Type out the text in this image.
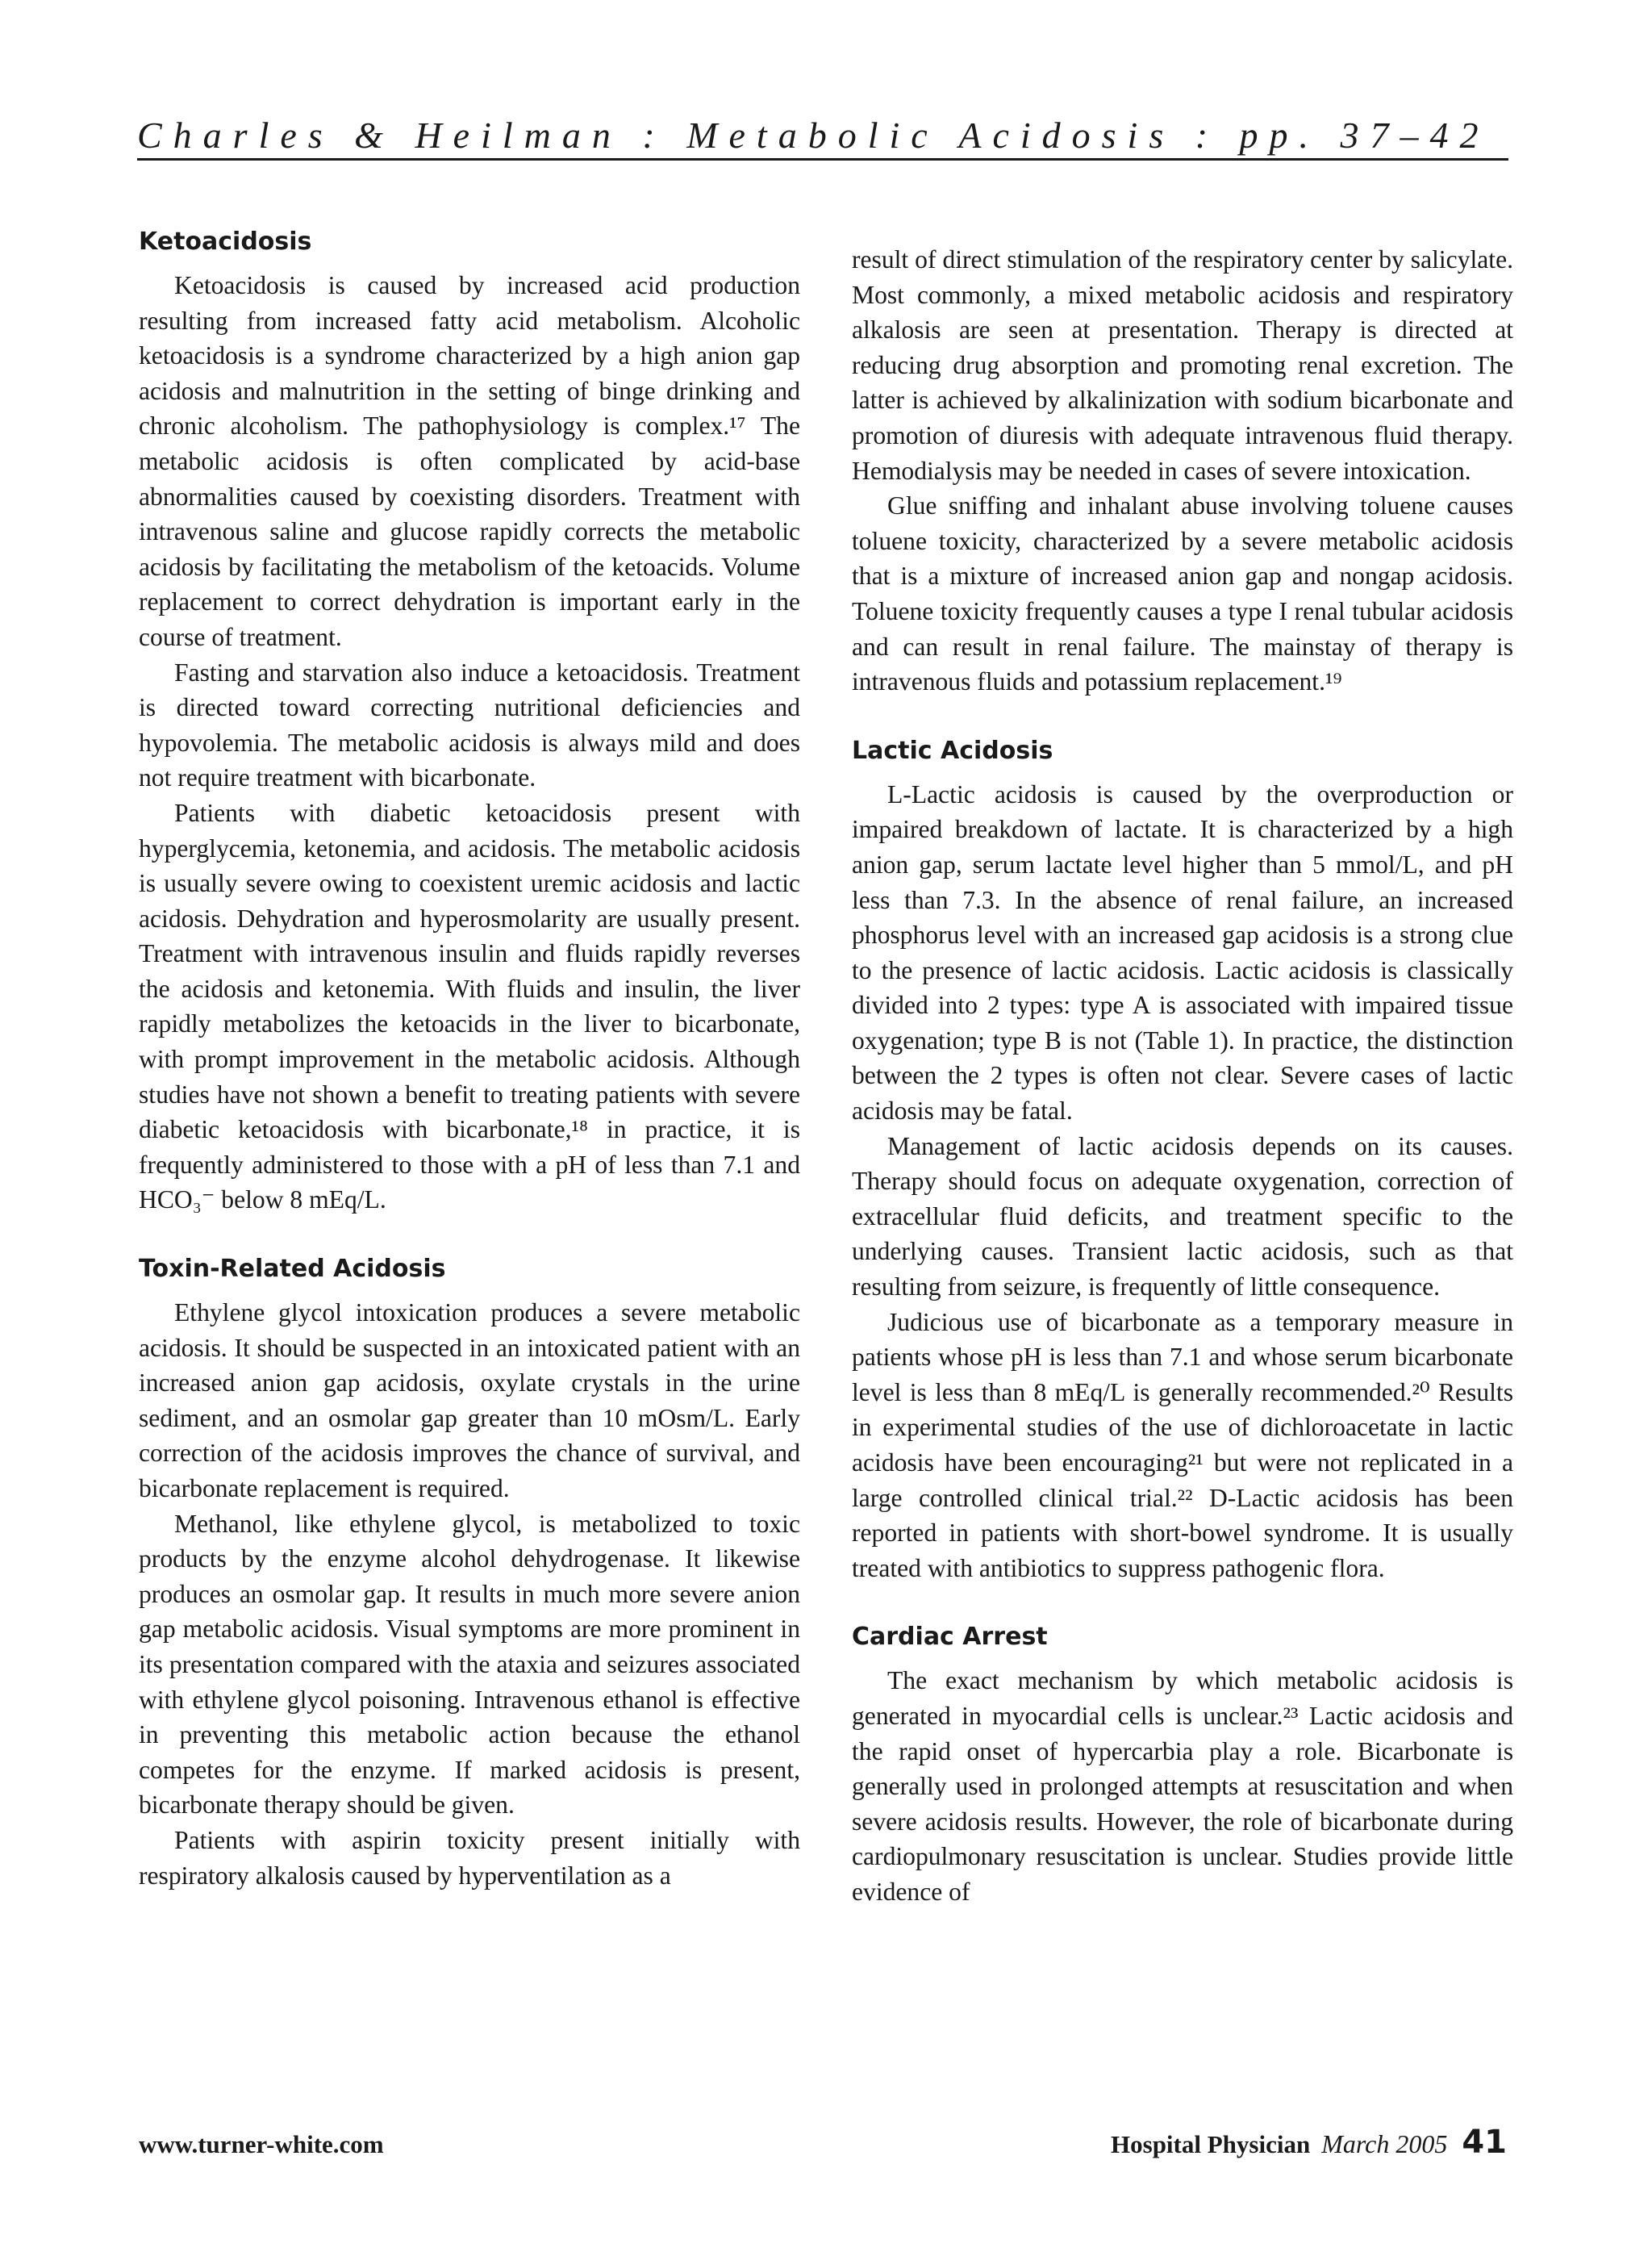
Charles & Heilman : Metabolic Acidosis : pp. 37–42
Ketoacidosis

Ketoacidosis is caused by increased acid production resulting from increased fatty acid metabolism. Alcoholic ketoacidosis is a syndrome characterized by a high anion gap acidosis and malnutrition in the setting of binge drinking and chronic alcoholism. The pathophysiology is complex.¹⁷ The metabolic acidosis is often complicated by acid-base abnormalities caused by coexisting disorders. Treatment with intravenous saline and glucose rapidly corrects the metabolic acidosis by facilitating the metabolism of the ketoacids. Volume replacement to correct dehydration is important early in the course of treatment.

Fasting and starvation also induce a ketoacidosis. Treatment is directed toward correcting nutritional deficiencies and hypovolemia. The metabolic acidosis is always mild and does not require treatment with bicarbonate.

Patients with diabetic ketoacidosis present with hyperglycemia, ketonemia, and acidosis. The metabolic acidosis is usually severe owing to coexistent uremic acidosis and lactic acidosis. Dehydration and hyperosmolarity are usually present. Treatment with intravenous insulin and fluids rapidly reverses the acidosis and ketonemia. With fluids and insulin, the liver rapidly metabolizes the ketoacids in the liver to bicarbonate, with prompt improvement in the metabolic acidosis. Although studies have not shown a benefit to treating patients with severe diabetic ketoacidosis with bicarbonate,¹⁸ in practice, it is frequently administered to those with a pH of less than 7.1 and HCO₃⁻ below 8 mEq/L.

Toxin-Related Acidosis

Ethylene glycol intoxication produces a severe metabolic acidosis. It should be suspected in an intoxicated patient with an increased anion gap acidosis, oxylate crystals in the urine sediment, and an osmolar gap greater than 10 mOsm/L. Early correction of the acidosis improves the chance of survival, and bicarbonate replacement is required.

Methanol, like ethylene glycol, is metabolized to toxic products by the enzyme alcohol dehydrogenase. It likewise produces an osmolar gap. It results in much more severe anion gap metabolic acidosis. Visual symptoms are more prominent in its presentation compared with the ataxia and seizures associated with ethylene glycol poisoning. Intravenous ethanol is effective in preventing this metabolic action because the ethanol competes for the enzyme. If marked acidosis is present, bicarbonate therapy should be given.

Patients with aspirin toxicity present initially with respiratory alkalosis caused by hyperventilation as a

result of direct stimulation of the respiratory center by salicylate. Most commonly, a mixed metabolic acidosis and respiratory alkalosis are seen at presentation. Therapy is directed at reducing drug absorption and promoting renal excretion. The latter is achieved by alkalinization with sodium bicarbonate and promotion of diuresis with adequate intravenous fluid therapy. Hemodialysis may be needed in cases of severe intoxication.

Glue sniffing and inhalant abuse involving toluene causes toluene toxicity, characterized by a severe metabolic acidosis that is a mixture of increased anion gap and nongap acidosis. Toluene toxicity frequently causes a type I renal tubular acidosis and can result in renal failure. The mainstay of therapy is intravenous fluids and potassium replacement.¹⁹

Lactic Acidosis

L-Lactic acidosis is caused by the overproduction or impaired breakdown of lactate. It is characterized by a high anion gap, serum lactate level higher than 5 mmol/L, and pH less than 7.3. In the absence of renal failure, an increased phosphorus level with an increased gap acidosis is a strong clue to the presence of lactic acidosis. Lactic acidosis is classically divided into 2 types: type A is associated with impaired tissue oxygenation; type B is not (Table 1). In practice, the distinction between the 2 types is often not clear. Severe cases of lactic acidosis may be fatal.

Management of lactic acidosis depends on its causes. Therapy should focus on adequate oxygenation, correction of extracellular fluid deficits, and treatment specific to the underlying causes. Transient lactic acidosis, such as that resulting from seizure, is frequently of little consequence.

Judicious use of bicarbonate as a temporary measure in patients whose pH is less than 7.1 and whose serum bicarbonate level is less than 8 mEq/L is generally recommended.²⁰ Results in experimental studies of the use of dichloroacetate in lactic acidosis have been encouraging²¹ but were not replicated in a large controlled clinical trial.²² D-Lactic acidosis has been reported in patients with short-bowel syndrome. It is usually treated with antibiotics to suppress pathogenic flora.

Cardiac Arrest

The exact mechanism by which metabolic acidosis is generated in myocardial cells is unclear.²³ Lactic acidosis and the rapid onset of hypercarbia play a role. Bicarbonate is generally used in prolonged attempts at resuscitation and when severe acidosis results. However, the role of bicarbonate during cardiopulmonary resuscitation is unclear. Studies provide little evidence of

www.turner-white.com	Hospital Physician March 2005 41
